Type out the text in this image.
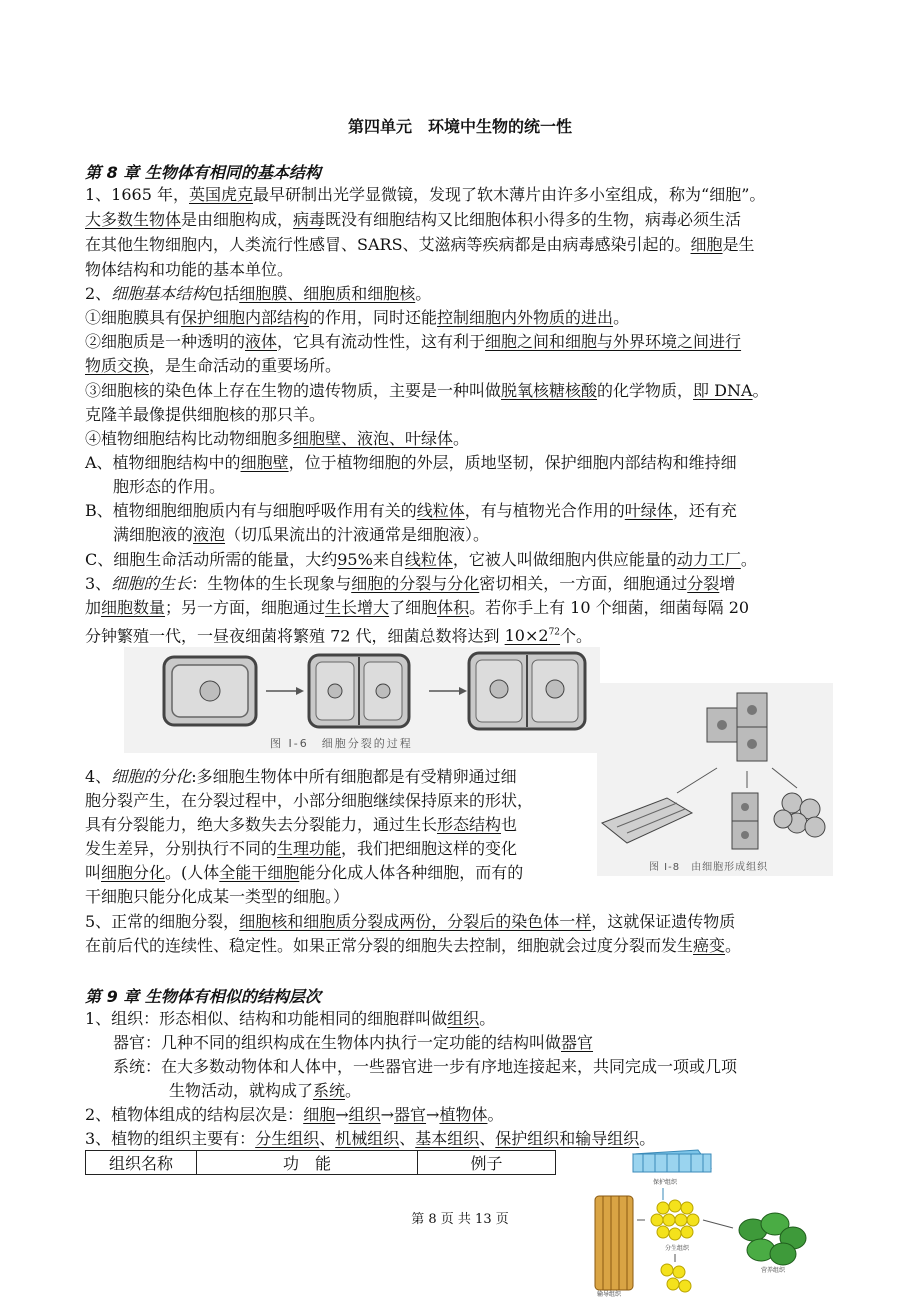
第四单元　环境中生物的统一性
第 8 章 生物体有相同的基本结构
1、1665 年，英国虎克最早研制出光学显微镜，发现了软木薄片由许多小室组成，称为“细胞”。
大多数生物体是由细胞构成，病毒既没有细胞结构又比细胞体积小得多的生物，病毒必须生活
在其他生物细胞内，人类流行性感冒、SARS、艾滋病等疾病都是由病毒感染引起的。细胞是生
物体结构和功能的基本单位。
2、细胞基本结构包括细胞膜、细胞质和细胞核。
①细胞膜具有保护细胞内部结构的作用，同时还能控制细胞内外物质的进出。
②细胞质是一种透明的液体，它具有流动性性，这有利于细胞之间和细胞与外界环境之间进行
物质交换，是生命活动的重要场所。
③细胞核的染色体上存在生物的遗传物质，主要是一种叫做脱氧核糖核酸的化学物质，即 DNA。
克隆羊最像提供细胞核的那只羊。
④植物细胞结构比动物细胞多细胞壁、液泡、叶绿体。
A、植物细胞结构中的细胞壁，位于植物细胞的外层，质地坚韧，保护细胞内部结构和维持细
胞形态的作用。
B、植物细胞细胞质内有与细胞呼吸作用有关的线粒体，有与植物光合作用的叶绿体，还有充
满细胞液的液泡（切瓜果流出的汁液通常是细胞液）。
C、细胞生命活动所需的能量，大约95%来自线粒体，它被人叫做细胞内供应能量的动力工厂。
3、细胞的生长：生物体的生长现象与细胞的分裂与分化密切相关，一方面，细胞通过分裂增
加细胞数量；另一方面，细胞通过生长增大了细胞体积。若你手上有 10 个细菌，细菌每隔 20
分钟繁殖一代，一昼夜细菌将繁殖 72 代，细菌总数将达到 $10\times 2^{72}$个。
图 I-6　细胞分裂的过程
图 I-8　由细胞形成组织
4、细胞的分化:多细胞生物体中所有细胞都是有受精卵通过细
胞分裂产生，在分裂过程中，小部分细胞继续保持原来的形状，
具有分裂能力，绝大多数失去分裂能力，通过生长形态结构也
发生差异，分别执行不同的生理功能，我们把细胞这样的变化
叫细胞分化。(人体全能干细胞能分化成人体各种细胞，而有的
干细胞只能分化成某一类型的细胞。）
5、正常的细胞分裂，细胞核和细胞质分裂成两份，分裂后的染色体一样，这就保证遗传物质
在前后代的连续性、稳定性。如果正常分裂的细胞失去控制，细胞就会过度分裂而发生癌变。
第 9 章 生物体有相似的结构层次
1、组织：形态相似、结构和功能相同的细胞群叫做组织。
器官：几种不同的组织构成在生物体内执行一定功能的结构叫做器官
系统：在大多数动物体和人体中，一些器官进一步有序地连接起来，共同完成一项或几项
生物活动，就构成了系统。
2、植物体组成的结构层次是：细胞→组织→器官→植物体。
3、植物的组织主要有：分生组织、机械组织、基本组织、保护组织和输导组织。
组织名称	功　能	例子
保护组织
输导组织
分生组织
营养组织
第 8 页 共 13 页
